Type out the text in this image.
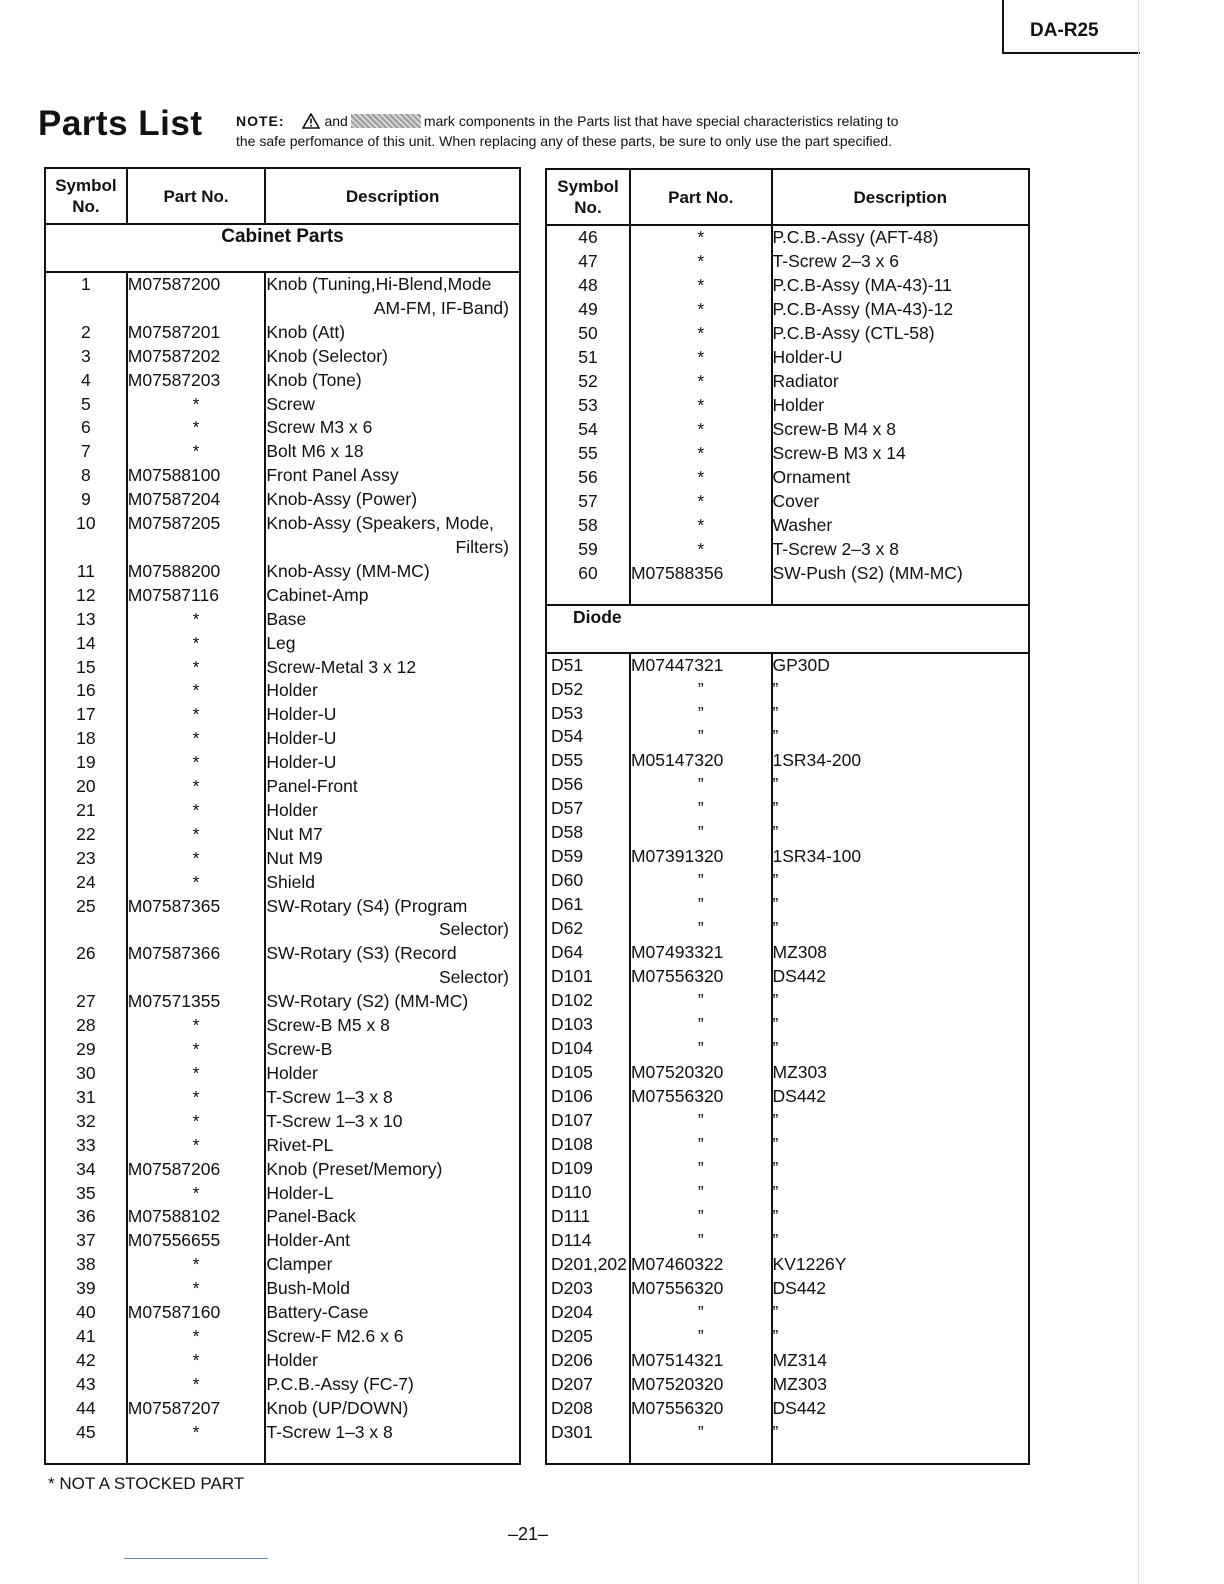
DA-R25
Parts List NOTE:	and	mark components in the Parts list that have special characteristics relating to
the safe perfomance of this unit. When replacing any of these parts, be sure to only use the part specified.
Symbol No.	Part No.	Description
Cabinet Parts		
1	M07587200	Knob (Tuning,Hi-Blend,Mode
AM-FM, IF-Band)

2	M07587201	Knob (Att)
3	M07587202	Knob (Selector)
4	M07587203	Knob (Tone)
5	*	Screw
6	*	Screw M3 x 6
7	*	Bolt M6 x 18
8	M07588100	Front Panel Assy
9	M07587204	Knob-Assy (Power)
10	M07587205	Knob-Assy (Speakers, Mode,
Filters)

11	M07588200	Knob-Assy (MM-MC)
12	M07587116	Cabinet-Amp
13	*	Base
14	*	Leg
15	*	Screw-Metal 3 x 12
16	*	Holder
17	*	Holder-U
18	*	Holder-U
19	*	Holder-U
20	*	Panel-Front
21	*	Holder
22	*	Nut M7
23	*	Nut M9
24	*	Shield
25	M07587365	SW-Rotary (S4) (Program
Selector)

26	M07587366	SW-Rotary (S3) (Record
Selector)

27	M07571355	SW-Rotary (S2) (MM-MC)
28	*	Screw-B M5 x 8
29	*	Screw-B
30	*	Holder
31	*	T-Screw 1–3 x 8
32	*	T-Screw 1–3 x 10
33	*	Rivet-PL
34	M07587206	Knob (Preset/Memory)
35	*	Holder-L
36	M07588102	Panel-Back
37	M07556655	Holder-Ant
38	*	Clamper
39	*	Bush-Mold
40	M07587160	Battery-Case
41	*	Screw-F M2.6 x 6
42	*	Holder
43	*	P.C.B.-Assy (FC-7)
44	M07587207	Knob (UP/DOWN)
45	*	T-Screw 1–3 x 8

Symbol No.	Part No.	Description
46	*	P.C.B.-Assy (AFT-48)
47	*	T-Screw 2–3 x 6
48	*	P.C.B-Assy (MA-43)-11
49	*	P.C.B-Assy (MA-43)-12
50	*	P.C.B-Assy (CTL-58)
51	*	Holder-U
52	*	Radiator
53	*	Holder
54	*	Screw-B M4 x 8
55	*	Screw-B M3 x 14
56	*	Ornament
57	*	Cover
58	*	Washer
59	*	T-Screw 2–3 x 8
60	M07588356	SW-Push (S2) (MM-MC)

Diode		
D51	M07447321	GP30D
D52	”	”
D53	”	”
D54	”	”
D55	M05147320	1SR34-200
D56	”	”
D57	”	”
D58	”	”
D59	M07391320	1SR34-100
D60	”	”
D61	”	”
D62	”	”
D64	M07493321	MZ308
D101	M07556320	DS442
D102	”	”
D103	”	”
D104	”	”
D105	M07520320	MZ303
D106	M07556320	DS442
D107	”	”
D108	”	”
D109	”	”
D110	”	”
D111	”	”
D114	”	”
D201,202	M07460322	KV1226Y
D203	M07556320	DS442
D204	”	”
D205	”	”
D206	M07514321	MZ314
D207	M07520320	MZ303
D208	M07556320	DS442
D301	”	”

* NOT A STOCKED PART
–21–
